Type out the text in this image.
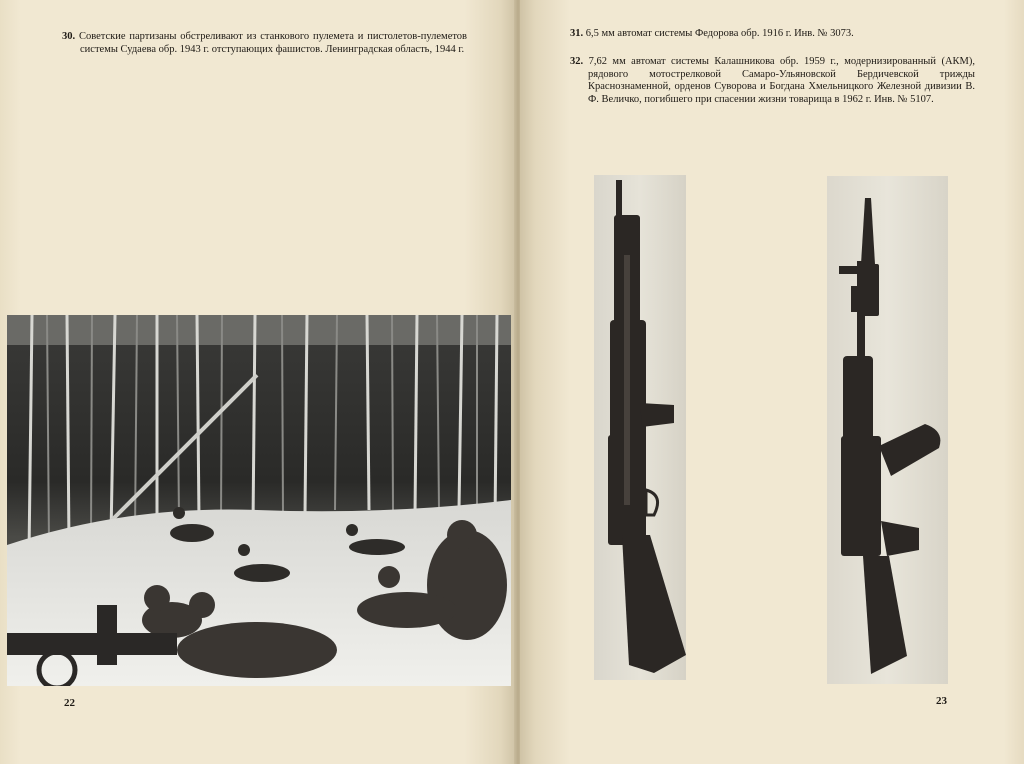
30. Советские партизаны обстреливают из станкового пулемета и пистолетов-пулеметов системы Судаева обр. 1943 г. отступающих фашистов. Ленинградская область, 1944 г.
22
31. 6,5 мм автомат системы Федорова обр. 1916 г. Инв. № 3073.
32. 7,62 мм автомат системы Калашникова обр. 1959 г., модернизированный (АКМ), рядового мотострелковой Самаро-Ульяновской Бердичевской трижды Краснознаменной, орденов Суворова и Богдана Хмельницкого Железной дивизии В. Ф. Величко, погибшего при спасении жизни товарища в 1962 г. Инв. № 5107.
23
